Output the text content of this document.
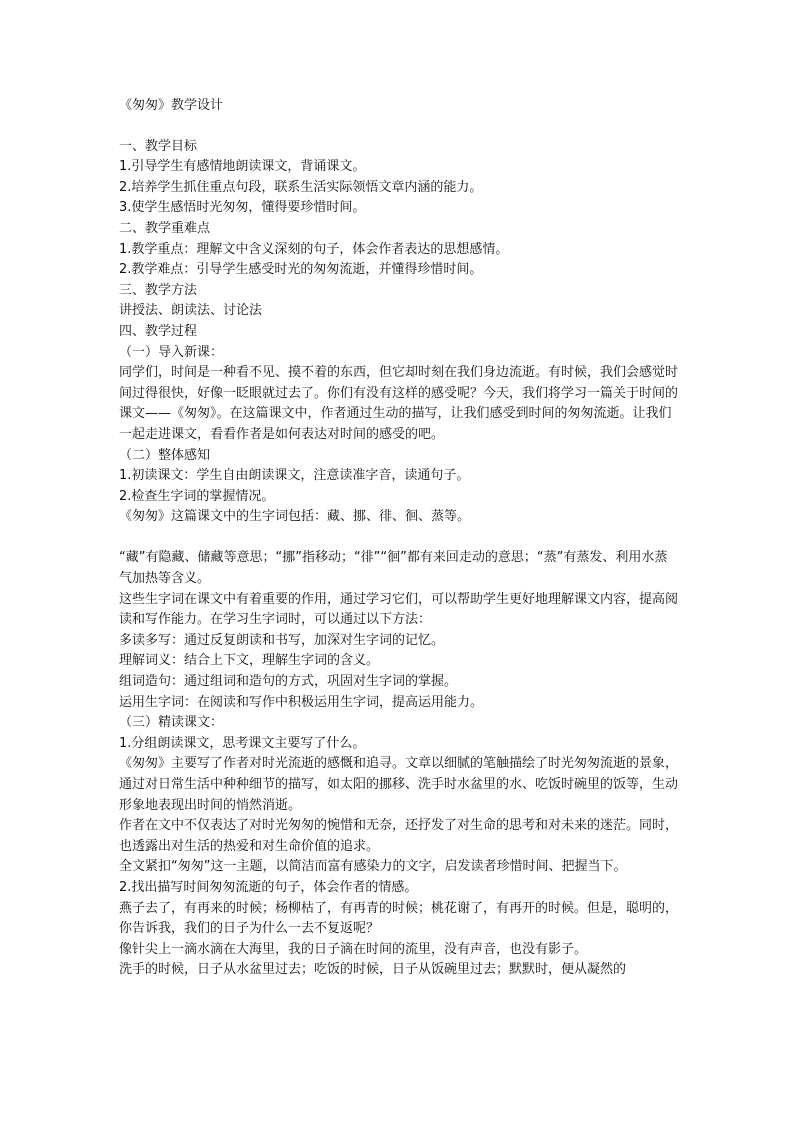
《匆匆》教学设计
一、教学目标
1.引导学生有感情地朗读课文，背诵课文。
2.培养学生抓住重点句段，联系生活实际领悟文章内涵的能力。
3.使学生感悟时光匆匆，懂得要珍惜时间。
二、教学重难点
1.教学重点：理解文中含义深刻的句子，体会作者表达的思想感情。
2.教学难点：引导学生感受时光的匆匆流逝，并懂得珍惜时间。
三、教学方法
讲授法、朗读法、讨论法
四、教学过程
（一）导入新课：
同学们，时间是一种看不见、摸不着的东西，但它却时刻在我们身边流逝。有时候，我们会感觉时间过得很快，好像一眨眼就过去了。你们有没有这样的感受呢？今天，我们将学习一篇关于时间的课文——《匆匆》。在这篇课文中，作者通过生动的描写，让我们感受到时间的匆匆流逝。让我们一起走进课文，看看作者是如何表达对时间的感受的吧。
（二）整体感知
1.初读课文：学生自由朗读课文，注意读准字音，读通句子。
2.检查生字词的掌握情况。
《匆匆》这篇课文中的生字词包括：藏、挪、徘、徊、蒸等。
“藏”有隐藏、储藏等意思；“挪”指移动；“徘”“徊”都有来回走动的意思；“蒸”有蒸发、利用水蒸气加热等含义。
这些生字词在课文中有着重要的作用，通过学习它们，可以帮助学生更好地理解课文内容，提高阅读和写作能力。在学习生字词时，可以通过以下方法：
多读多写：通过反复朗读和书写，加深对生字词的记忆。
理解词义：结合上下文，理解生字词的含义。
组词造句：通过组词和造句的方式，巩固对生字词的掌握。
运用生字词：在阅读和写作中积极运用生字词，提高运用能力。
（三）精读课文：
1.分组朗读课文，思考课文主要写了什么。
《匆匆》主要写了作者对时光流逝的感慨和追寻。文章以细腻的笔触描绘了时光匆匆流逝的景象，通过对日常生活中种种细节的描写，如太阳的挪移、洗手时水盆里的水、吃饭时碗里的饭等，生动形象地表现出时间的悄然消逝。
作者在文中不仅表达了对时光匆匆的惋惜和无奈，还抒发了对生命的思考和对未来的迷茫。同时，也透露出对生活的热爱和对生命价值的追求。
全文紧扣“匆匆”这一主题，以简洁而富有感染力的文字，启发读者珍惜时间、把握当下。
2.找出描写时间匆匆流逝的句子，体会作者的情感。
燕子去了，有再来的时候；杨柳枯了，有再青的时候；桃花谢了，有再开的时候。但是，聪明的，你告诉我，我们的日子为什么一去不复返呢？
像针尖上一滴水滴在大海里，我的日子滴在时间的流里，没有声音，也没有影子。
洗手的时候，日子从水盆里过去；吃饭的时候，日子从饭碗里过去；默默时，便从凝然的
